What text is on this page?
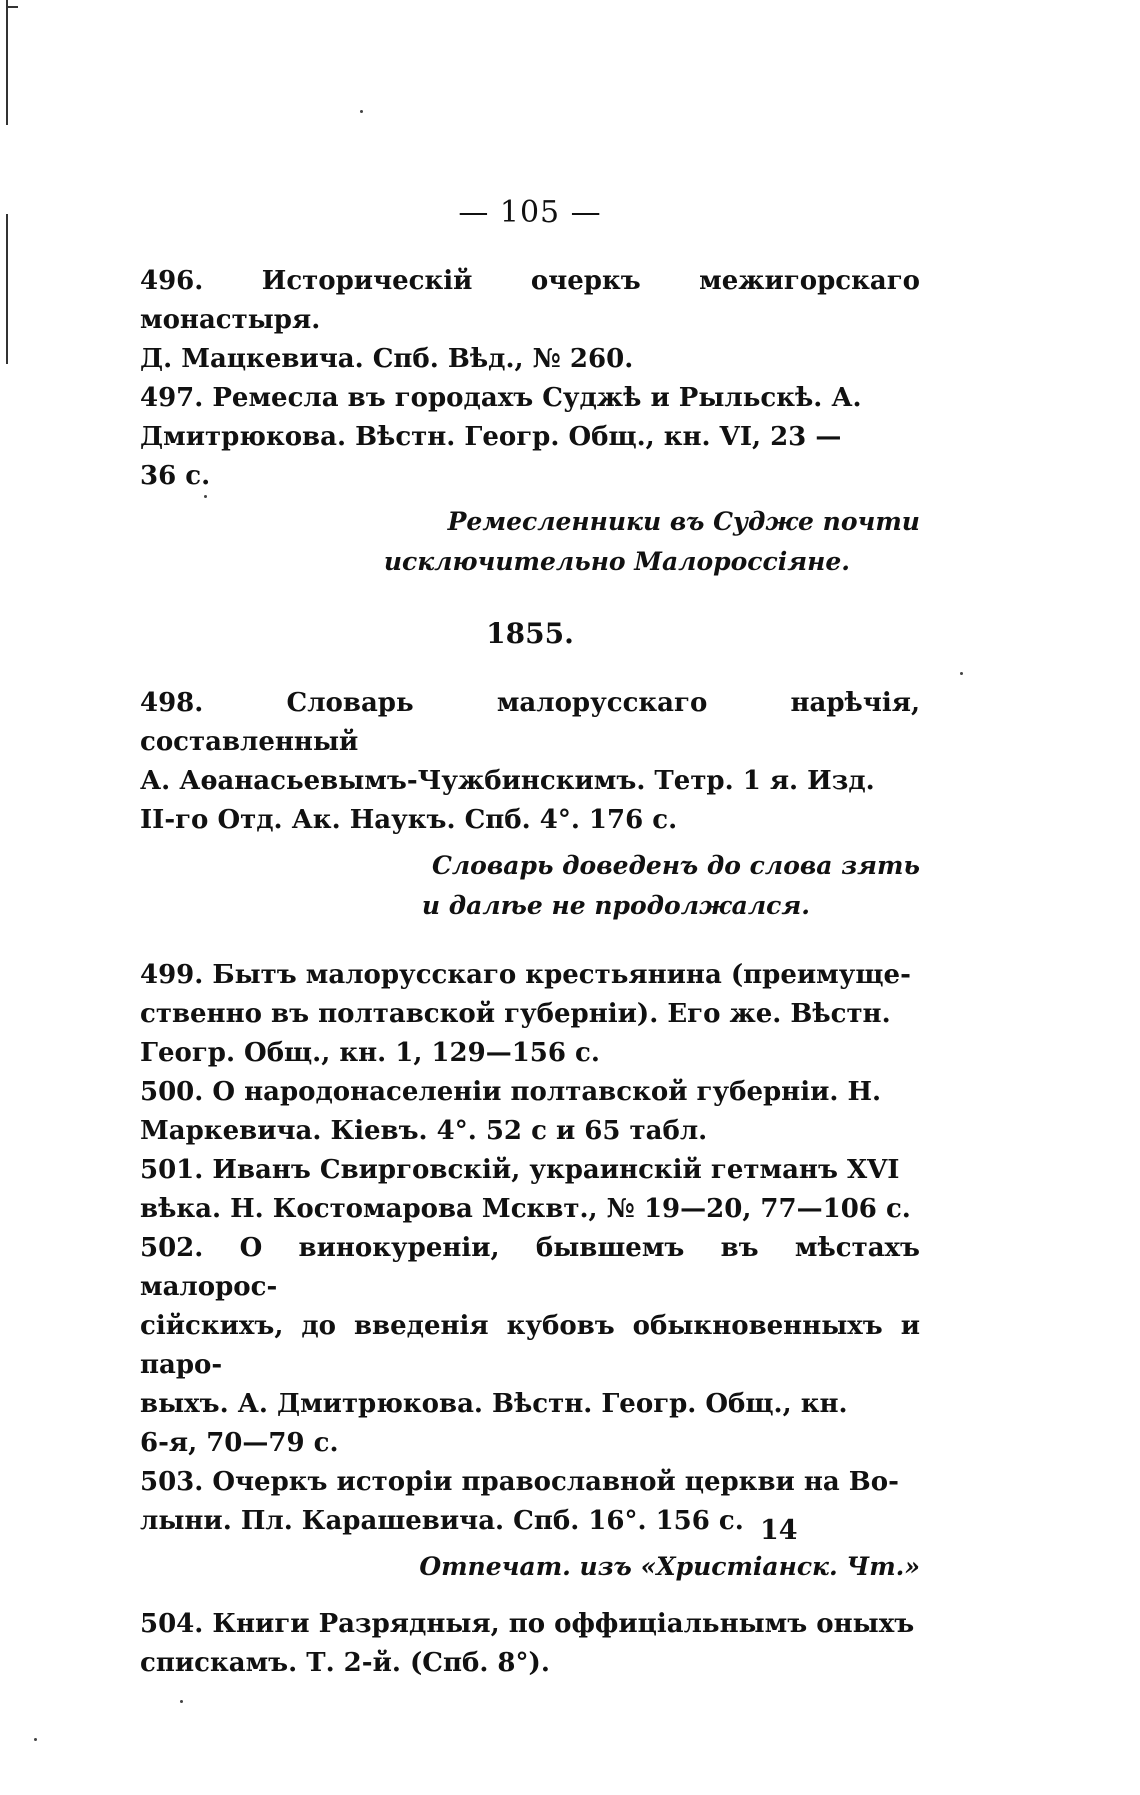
— 105 —

496. Историческій очеркъ межигорскаго монастыря.
Д. Мацкевича. Спб. Вѣд., № 260.

497. Ремесла въ городахъ Суджѣ и Рыльскѣ. А.
Дмитрюкова. Вѣстн. Геогр. Общ., кн. VI, 23 —
36 с.

Ремесленники въ Судже почти
исключительно Малороссіяне.
1855.

498. Словарь малорусскаго нарѣчія, составленный
А. Аѳанасьевымъ-Чужбинскимъ. Тетр. 1 я. Изд.
II-го Отд. Ак. Наукъ. Спб. 4°. 176 с.

Словарь доведенъ до слова зять
и далѣе не продолжался.

499. Бытъ малорусскаго крестьянина (преимуще-
ственно въ полтавской губерніи). Его же. Вѣстн.
Геогр. Общ., кн. 1, 129—156 с.

500. О народонаселеніи полтавской губерніи. Н.
Маркевича. Кіевъ. 4°. 52 с и 65 табл.

501. Иванъ Свирговскій, украинскій гетманъ XVI
вѣка. Н. Костомарова Мсквт., № 19—20, 77—106 с.

502. О винокуреніи, бывшемъ въ мѣстахъ малорос-
сійскихъ, до введенія кубовъ обыкновенныхъ и паро-
выхъ. А. Дмитрюкова. Вѣстн. Геогр. Общ., кн.
6-я, 70—79 с.

503. Очеркъ исторіи православной церкви на Во-
лыни. Пл. Карашевича. Спб. 16°. 156 с.

Отпечат. изъ «Христіанск. Чт.»

504. Книги Разрядныя, по оффиціальнымъ оныхъ
спискамъ. Т. 2-й. (Спб. 8°).

14
